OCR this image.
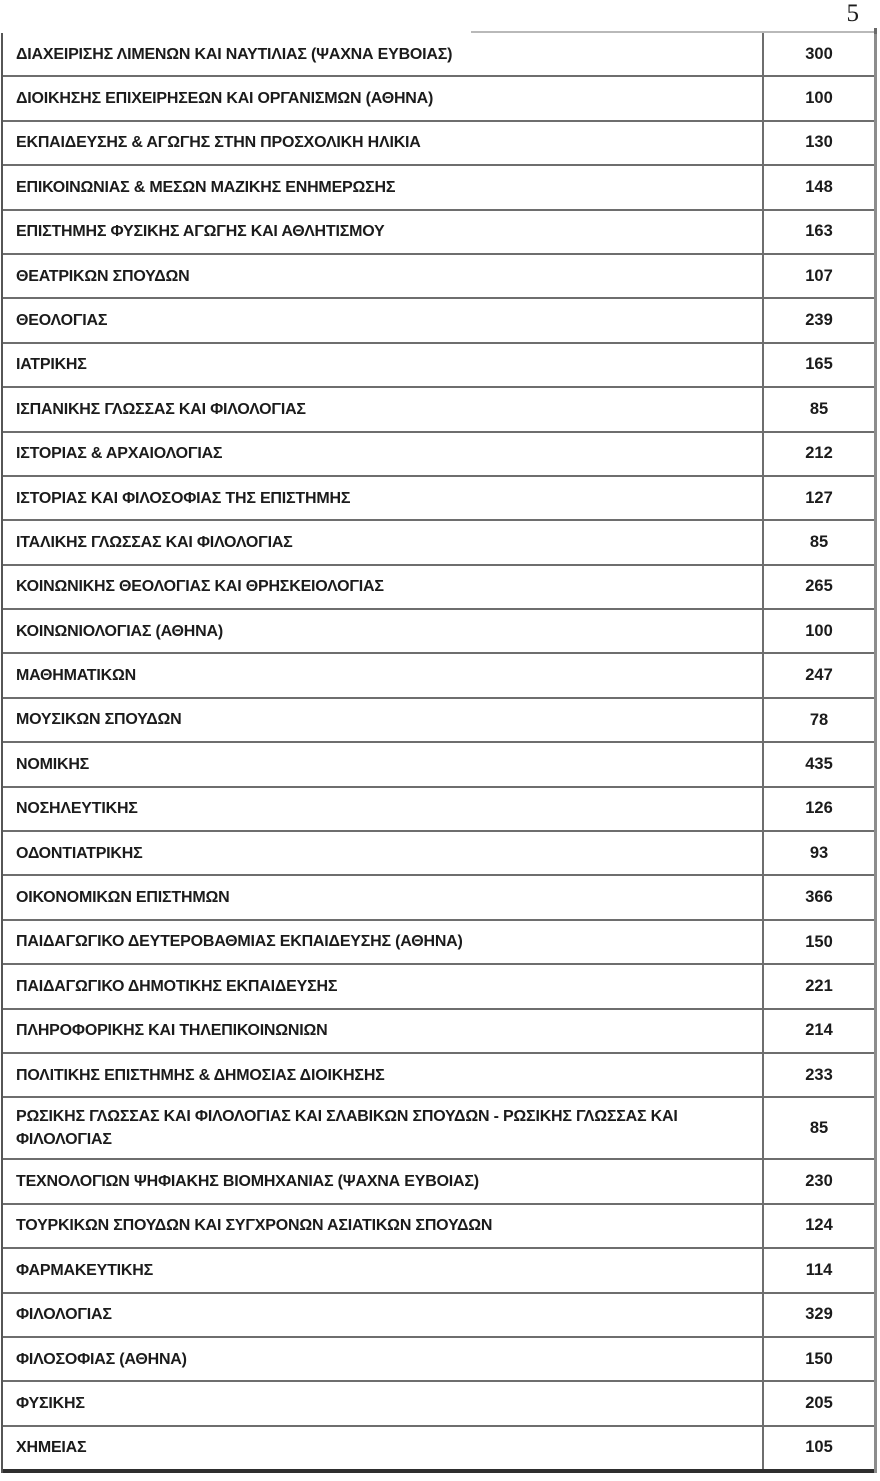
5
ΔΙΑΧΕΙΡΙΣΗΣ ΛΙΜΕΝΩΝ ΚΑΙ ΝΑΥΤΙΛΙΑΣ (ΨΑΧΝΑ ΕΥΒΟΙΑΣ)	300
ΔΙΟΙΚΗΣΗΣ ΕΠΙΧΕΙΡΗΣΕΩΝ ΚΑΙ ΟΡΓΑΝΙΣΜΩΝ (ΑΘΗΝΑ)	100
ΕΚΠΑΙΔΕΥΣΗΣ & ΑΓΩΓΗΣ ΣΤΗΝ ΠΡΟΣΧΟΛΙΚΗ ΗΛΙΚΙΑ	130
ΕΠΙΚΟΙΝΩΝΙΑΣ & ΜΕΣΩΝ ΜΑΖΙΚΗΣ ΕΝΗΜΕΡΩΣΗΣ	148
ΕΠΙΣΤΗΜΗΣ ΦΥΣΙΚΗΣ ΑΓΩΓΗΣ ΚΑΙ ΑΘΛΗΤΙΣΜΟΥ	163
ΘΕΑΤΡΙΚΩΝ ΣΠΟΥΔΩΝ	107
ΘΕΟΛΟΓΙΑΣ	239
ΙΑΤΡΙΚΗΣ	165
ΙΣΠΑΝΙΚΗΣ ΓΛΩΣΣΑΣ ΚΑΙ ΦΙΛΟΛΟΓΙΑΣ	85
ΙΣΤΟΡΙΑΣ & ΑΡΧΑΙΟΛΟΓΙΑΣ	212
ΙΣΤΟΡΙΑΣ ΚΑΙ ΦΙΛΟΣΟΦΙΑΣ ΤΗΣ ΕΠΙΣΤΗΜΗΣ	127
ΙΤΑΛΙΚΗΣ ΓΛΩΣΣΑΣ ΚΑΙ ΦΙΛΟΛΟΓΙΑΣ	85
ΚΟΙΝΩΝΙΚΗΣ ΘΕΟΛΟΓΙΑΣ ΚΑΙ ΘΡΗΣΚΕΙΟΛΟΓΙΑΣ	265
ΚΟΙΝΩΝΙΟΛΟΓΙΑΣ (ΑΘΗΝΑ)	100
ΜΑΘΗΜΑΤΙΚΩΝ	247
ΜΟΥΣΙΚΩΝ ΣΠΟΥΔΩΝ	78
ΝΟΜΙΚΗΣ	435
ΝΟΣΗΛΕΥΤΙΚΗΣ	126
ΟΔΟΝΤΙΑΤΡΙΚΗΣ	93
ΟΙΚΟΝΟΜΙΚΩΝ ΕΠΙΣΤΗΜΩΝ	366
ΠΑΙΔΑΓΩΓΙΚΟ ΔΕΥΤΕΡΟΒΑΘΜΙΑΣ ΕΚΠΑΙΔΕΥΣΗΣ (ΑΘΗΝΑ)	150
ΠΑΙΔΑΓΩΓΙΚΟ ΔΗΜΟΤΙΚΗΣ ΕΚΠΑΙΔΕΥΣΗΣ	221
ΠΛΗΡΟΦΟΡΙΚΗΣ ΚΑΙ ΤΗΛΕΠΙΚΟΙΝΩΝΙΩΝ	214
ΠΟΛΙΤΙΚΗΣ ΕΠΙΣΤΗΜΗΣ & ΔΗΜΟΣΙΑΣ ΔΙΟΙΚΗΣΗΣ	233
ΡΩΣΙΚΗΣ ΓΛΩΣΣΑΣ ΚΑΙ ΦΙΛΟΛΟΓΙΑΣ ΚΑΙ ΣΛΑΒΙΚΩΝ ΣΠΟΥΔΩΝ - ΡΩΣΙΚΗΣ ΓΛΩΣΣΑΣ ΚΑΙ ΦΙΛΟΛΟΓΙΑΣ
85
ΤΕΧΝΟΛΟΓΙΩΝ ΨΗΦΙΑΚΗΣ ΒΙΟΜΗΧΑΝΙΑΣ (ΨΑΧΝΑ ΕΥΒΟΙΑΣ)	230
ΤΟΥΡΚΙΚΩΝ ΣΠΟΥΔΩΝ ΚΑΙ ΣΥΓΧΡΟΝΩΝ ΑΣΙΑΤΙΚΩΝ ΣΠΟΥΔΩΝ	124
ΦΑΡΜΑΚΕΥΤΙΚΗΣ	114
ΦΙΛΟΛΟΓΙΑΣ	329
ΦΙΛΟΣΟΦΙΑΣ (ΑΘΗΝΑ)	150
ΦΥΣΙΚΗΣ	205
ΧΗΜΕΙΑΣ	105
